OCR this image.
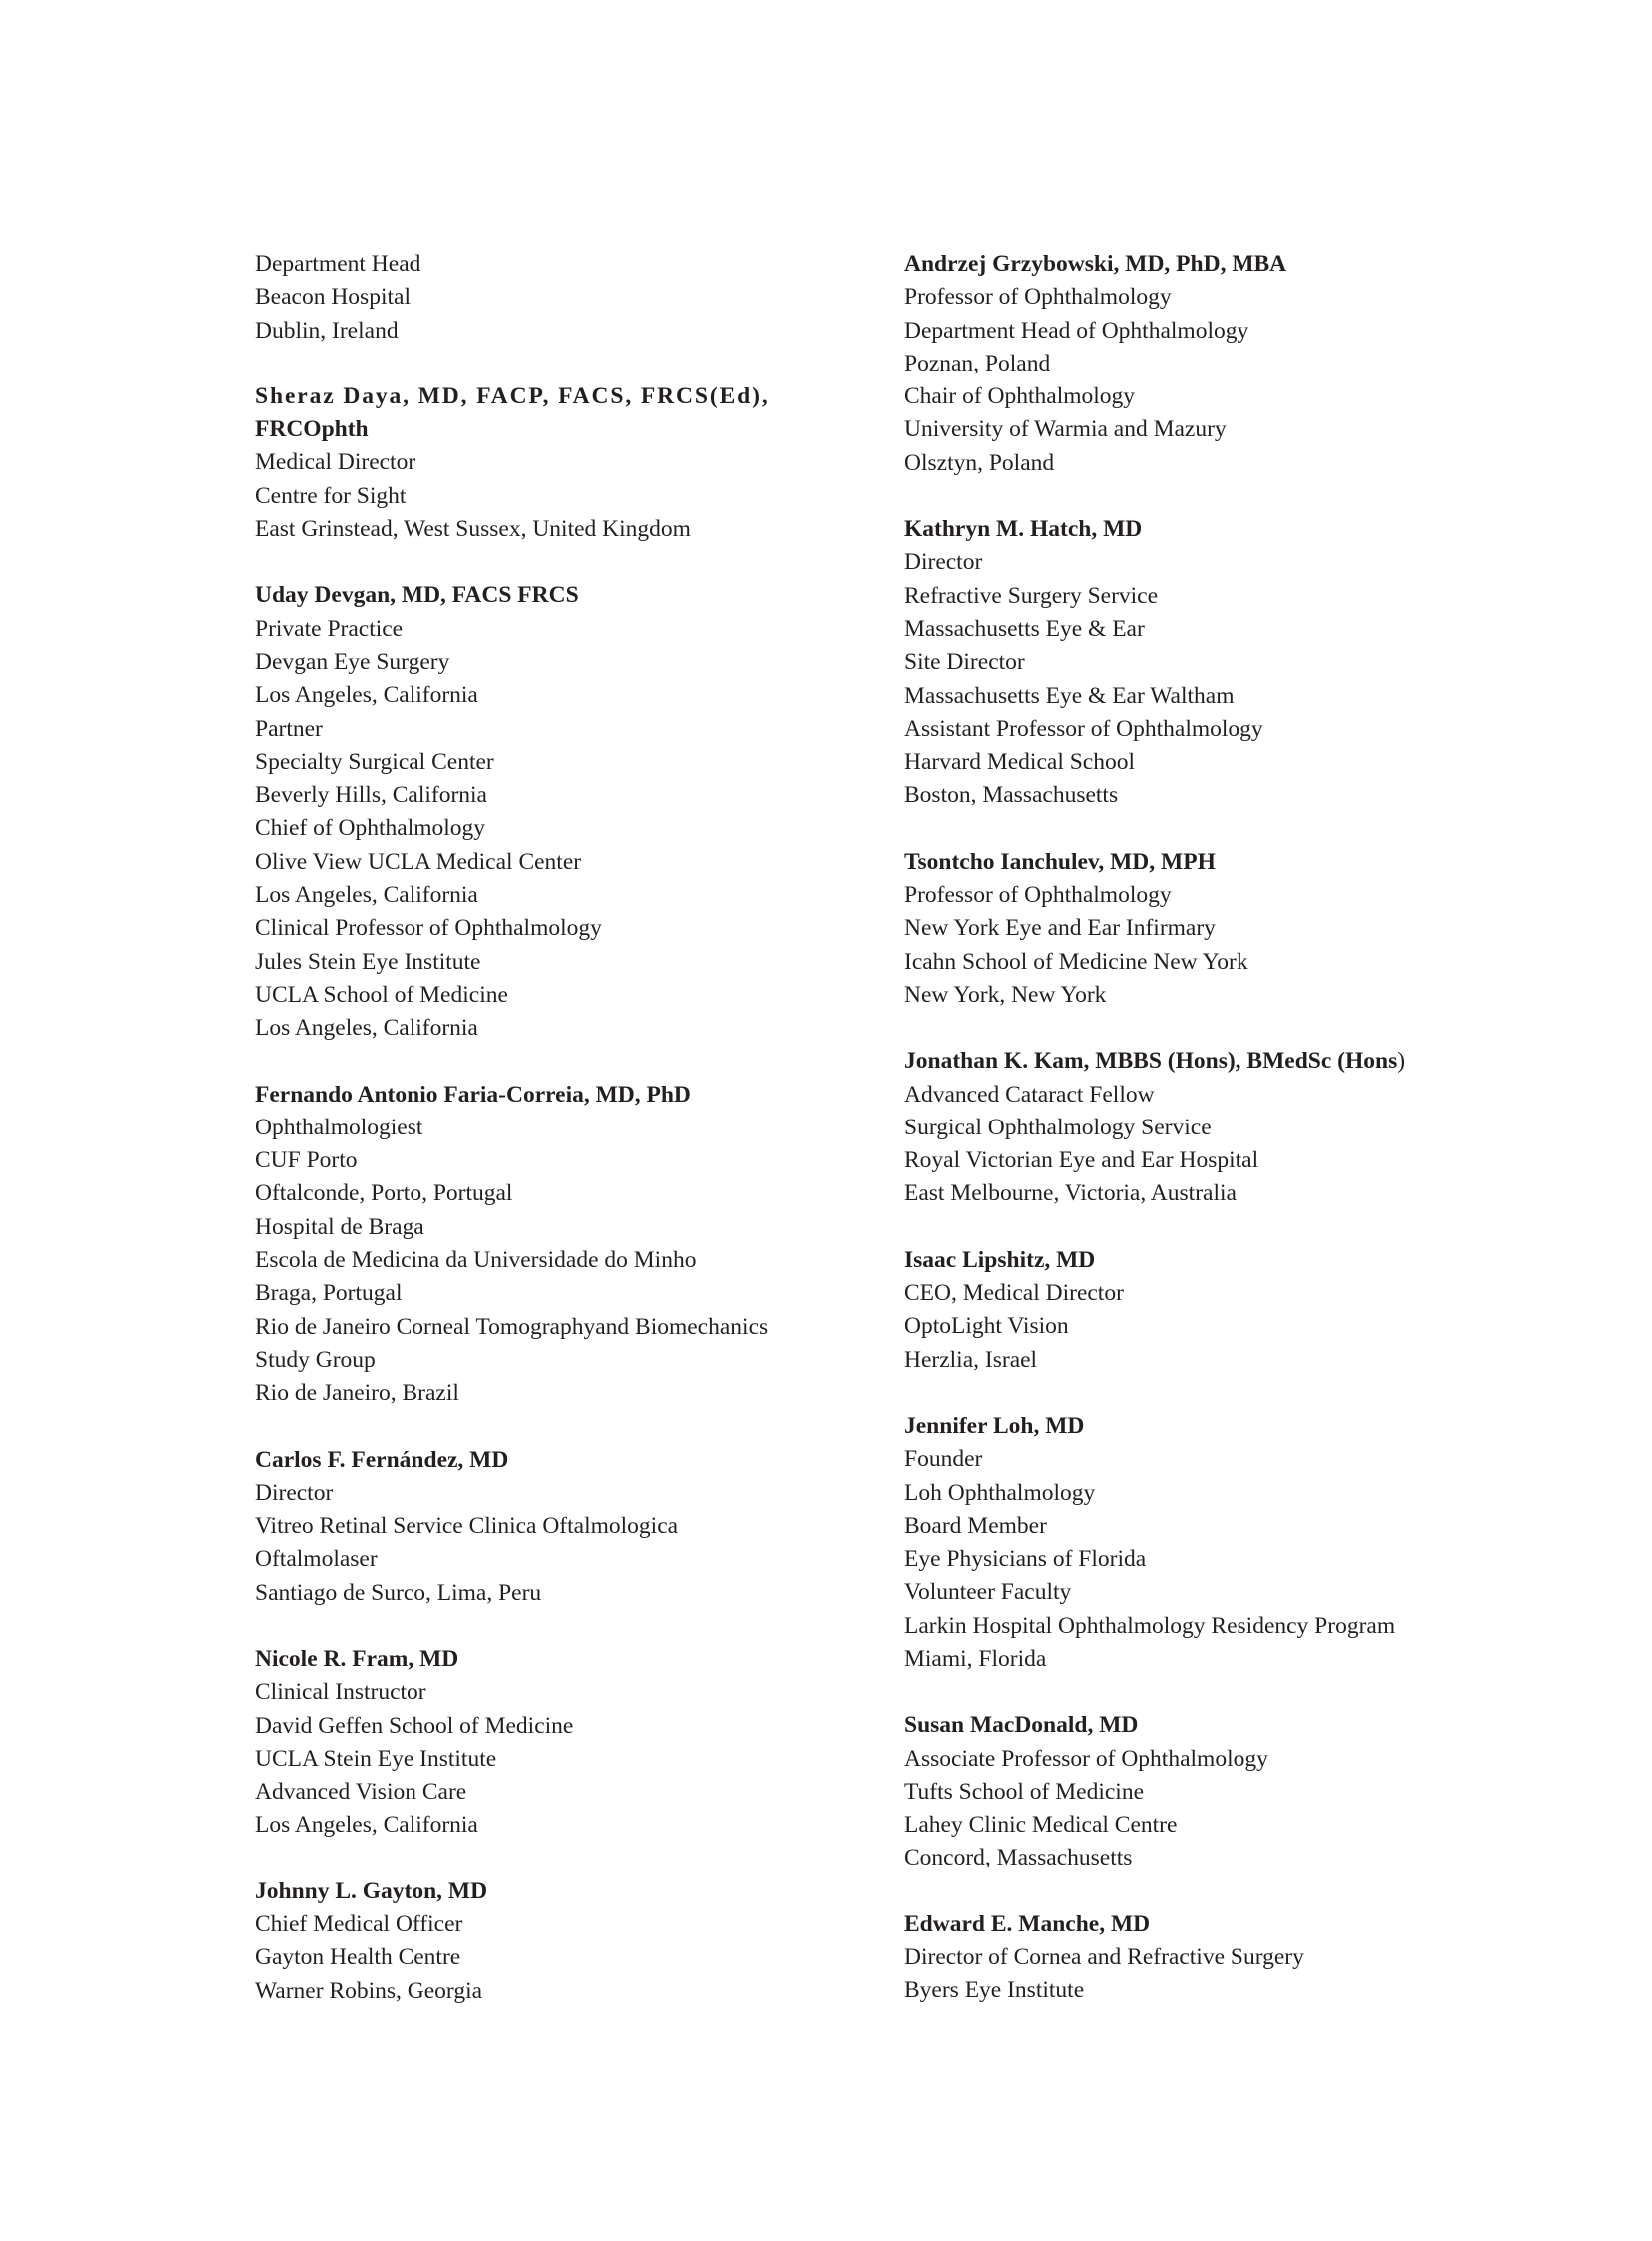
Department Head
Beacon Hospital
Dublin, Ireland
Sheraz Daya, MD, FACP, FACS, FRCS(Ed),
FRCOphth
Medical Director
Centre for Sight
East Grinstead, West Sussex, United Kingdom
Uday Devgan, MD, FACS FRCS
Private Practice
Devgan Eye Surgery
Los Angeles, California
Partner
Specialty Surgical Center
Beverly Hills, California
Chief of Ophthalmology
Olive View UCLA Medical Center
Los Angeles, California
Clinical Professor of Ophthalmology
Jules Stein Eye Institute
UCLA School of Medicine
Los Angeles, California
Fernando Antonio Faria-Correia, MD, PhD
Ophthalmologiest
CUF Porto
Oftalconde, Porto, Portugal
Hospital de Braga
Escola de Medicina da Universidade do Minho
Braga, Portugal
Rio de Janeiro Corneal Tomographyand Biomechanics
Study Group
Rio de Janeiro, Brazil
Carlos F. Fernández, MD
Director
Vitreo Retinal Service Clinica Oftalmologica
Oftalmolaser
Santiago de Surco, Lima, Peru
Nicole R. Fram, MD
Clinical Instructor
David Geffen School of Medicine
UCLA Stein Eye Institute
Advanced Vision Care
Los Angeles, California
Johnny L. Gayton, MD
Chief Medical Officer
Gayton Health Centre
Warner Robins, Georgia
Andrzej Grzybowski, MD, PhD, MBA
Professor of Ophthalmology
Department Head of Ophthalmology
Poznan, Poland
Chair of Ophthalmology
University of Warmia and Mazury
Olsztyn, Poland
Kathryn M. Hatch, MD
Director
Refractive Surgery Service
Massachusetts Eye & Ear
Site Director
Massachusetts Eye & Ear Waltham
Assistant Professor of Ophthalmology
Harvard Medical School
Boston, Massachusetts
Tsontcho Ianchulev, MD, MPH
Professor of Ophthalmology
New York Eye and Ear Infirmary
Icahn School of Medicine New York
New York, New York
Jonathan K. Kam, MBBS (Hons), BMedSc (Hons)
Advanced Cataract Fellow
Surgical Ophthalmology Service
Royal Victorian Eye and Ear Hospital
East Melbourne, Victoria, Australia
Isaac Lipshitz, MD
CEO, Medical Director
OptoLight Vision
Herzlia, Israel
Jennifer Loh, MD
Founder
Loh Ophthalmology
Board Member
Eye Physicians of Florida
Volunteer Faculty
Larkin Hospital Ophthalmology Residency Program
Miami, Florida
Susan MacDonald, MD
Associate Professor of Ophthalmology
Tufts School of Medicine
Lahey Clinic Medical Centre
Concord, Massachusetts
Edward E. Manche, MD
Director of Cornea and Refractive Surgery
Byers Eye Institute
